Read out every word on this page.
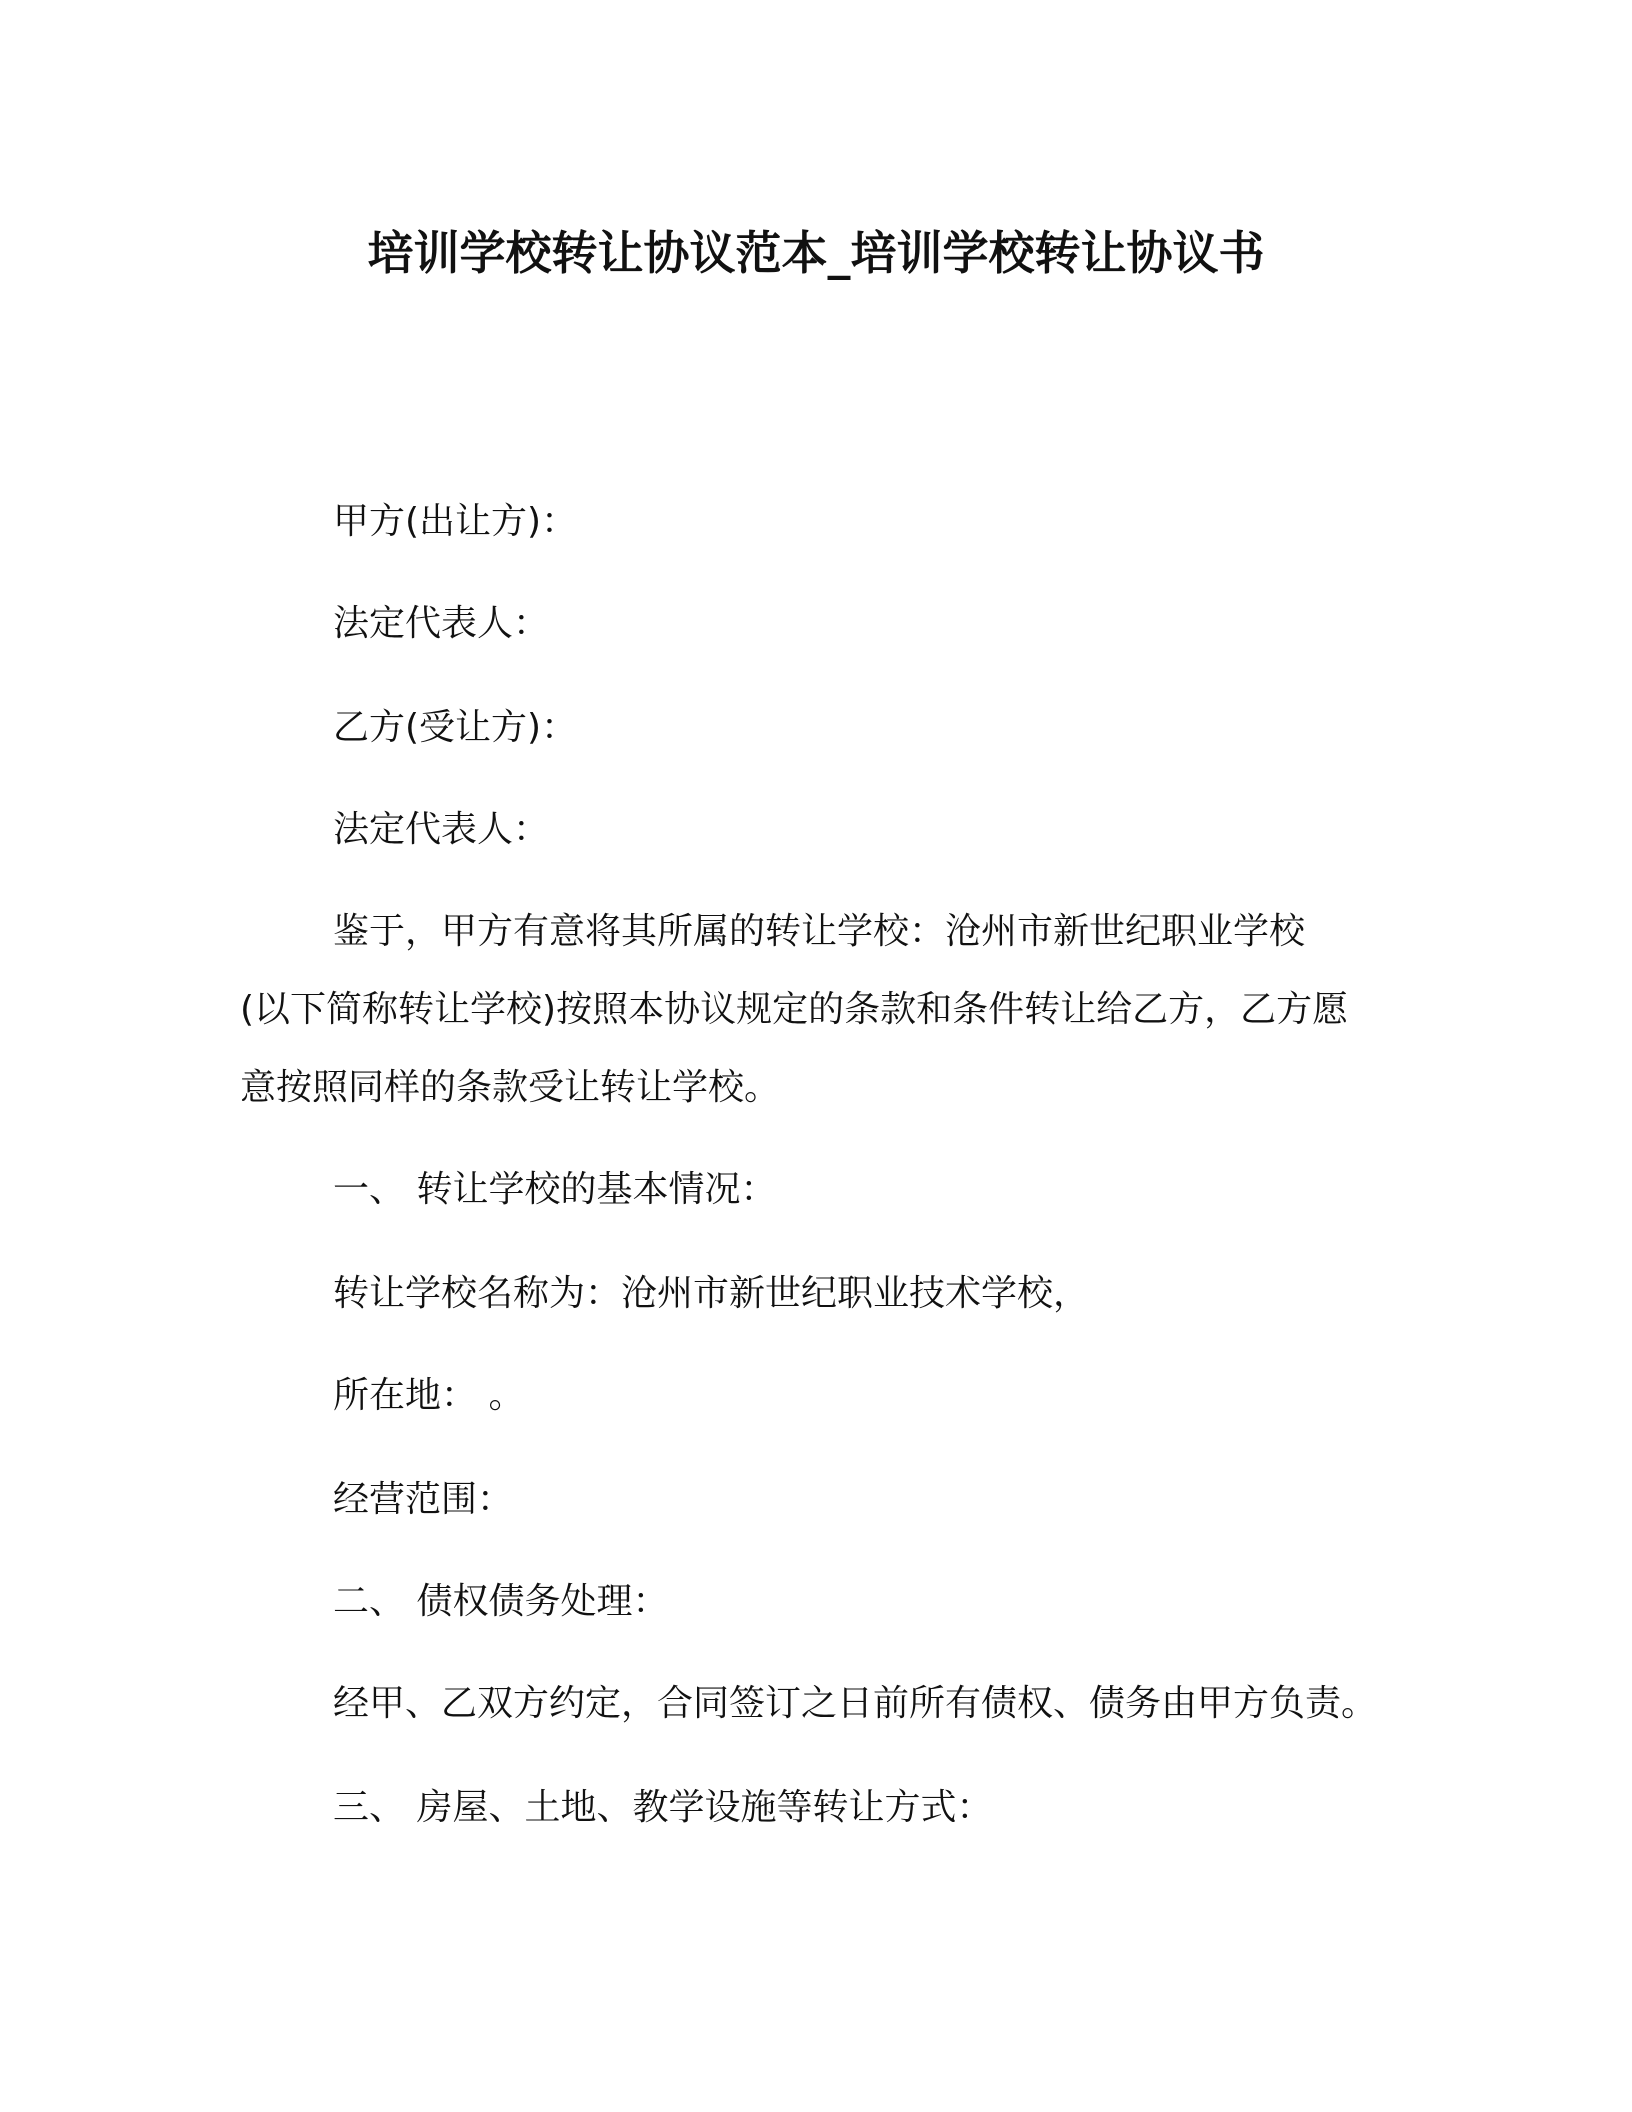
培训学校转让协议范本_培训学校转让协议书
甲方(出让方)：
法定代表人：
乙方(受让方)：
法定代表人：
鉴于，甲方有意将其所属的转让学校：沧州市新世纪职业学校
(以下简称转让学校)按照本协议规定的条款和条件转让给乙方，乙方愿
意按照同样的条款受让转让学校。
一、 转让学校的基本情况：
转让学校名称为：沧州市新世纪职业技术学校，
所在地： 。
经营范围：
二、 债权债务处理：
经甲、乙双方约定，合同签订之日前所有债权、债务由甲方负责。
三、 房屋、土地、教学设施等转让方式：
